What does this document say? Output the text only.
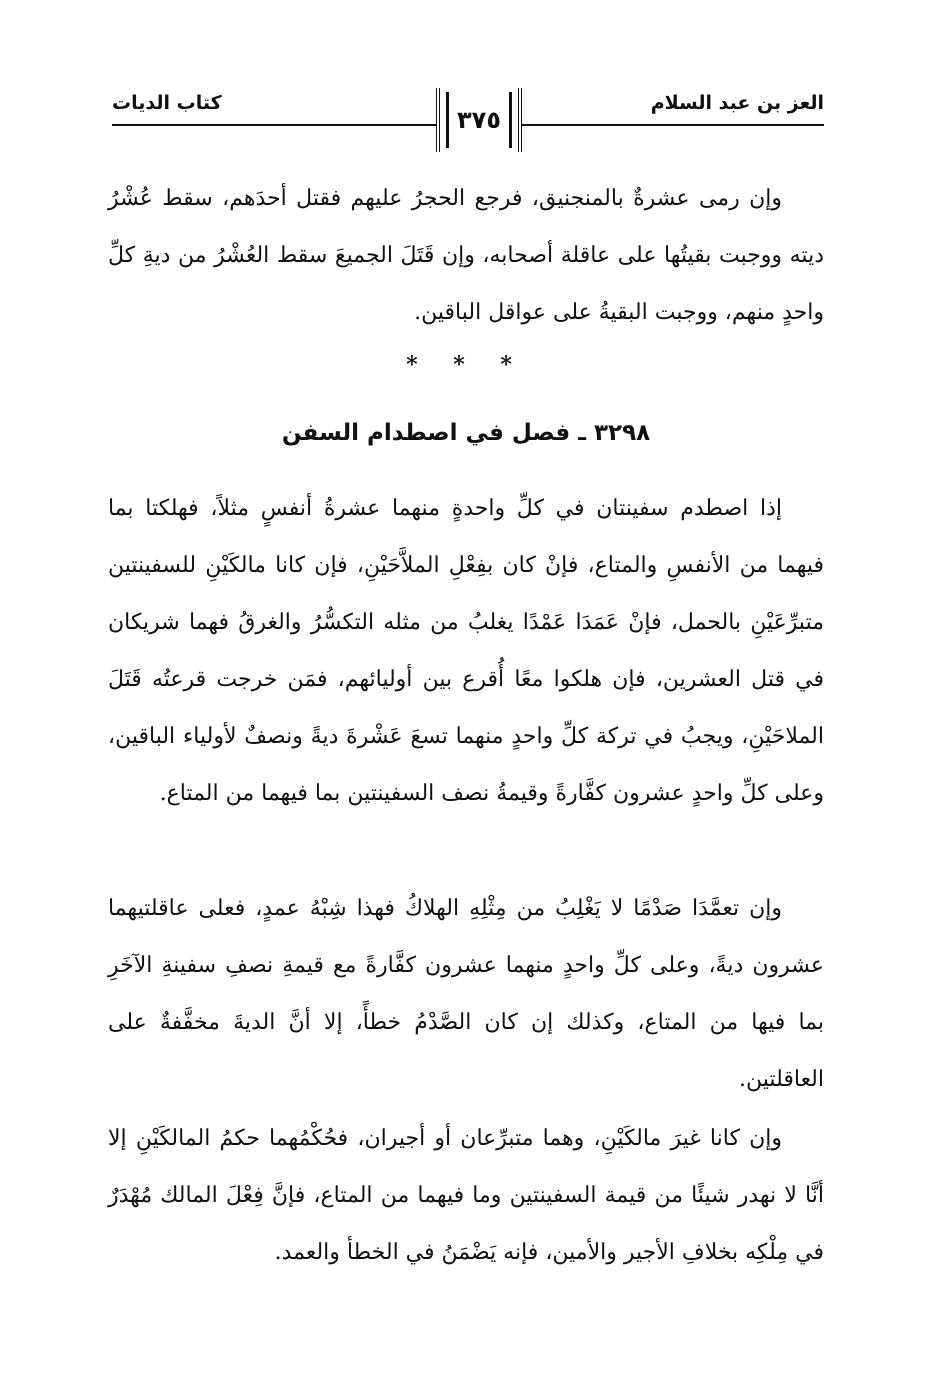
العز بن عبد السلام
٣٧٥
كتاب الديات

وإن رمى عشرةٌ بالمنجنيق، فرجع الحجرُ عليهم فقتل أحدَهم، سقط عُشْرُ ديته ووجبت بقيتُها على عاقلة أصحابه، وإن قَتَلَ الجميعَ سقط العُشْرُ من ديةِ كلِّ واحدٍ منهم، ووجبت البقيةُ على عواقل الباقين.

* * *
٣٢٩٨ ـ فصل في اصطدام السفن

إذا اصطدم سفينتان في كلِّ واحدةٍ منهما عشرةُ أنفسٍ مثلاً، فهلكتا بما فيهما من الأنفسِ والمتاع، فإنْ كان بفِعْلِ الملاَّحَيْنِ، فإن كانا مالكَيْنِ للسفينتين متبرِّعَيْنِ بالحمل، فإنْ عَمَدَا عَمْدًا يغلبُ من مثله التكسُّرُ والغرقُ فهما شريكان في قتل العشرين، فإن هلكوا معًا أُقرع بين أوليائهم، فمَن خرجت قرعتُه قَتَلَ الملاحَيْنِ، ويجبُ في تركة كلِّ واحدٍ منهما تسعَ عَشْرةَ ديةً ونصفٌ لأولياء الباقين، وعلى كلِّ واحدٍ عشرون كفَّارةً وقيمةُ نصف السفينتين بما فيهما من المتاع.

وإن تعمَّدَا صَدْمًا لا يَغْلِبُ من مِثْلِهِ الهلاكُ فهذا شِبْهُ عمدٍ، فعلى عاقلتيهما عشرون ديةً، وعلى كلِّ واحدٍ منهما عشرون كفَّارةً مع قيمةِ نصفِ سفينةِ الآخَرِ بما فيها من المتاع، وكذلك إن كان الصَّدْمُ خطأً، إلا أنَّ الديةَ مخفَّفةٌ على العاقلتين.

وإن كانا غيرَ مالكَيْنِ، وهما متبرِّعان أو أجيران، فحُكْمُهما حكمُ المالكَيْنِ إلا أنَّا لا نهدر شيئًا من قيمة السفينتين وما فيهما من المتاع، فإنَّ فِعْلَ المالك مُهْدَرٌ في مِلْكِه بخلافِ الأجير والأمين، فإنه يَضْمَنُ في الخطأ والعمد.
